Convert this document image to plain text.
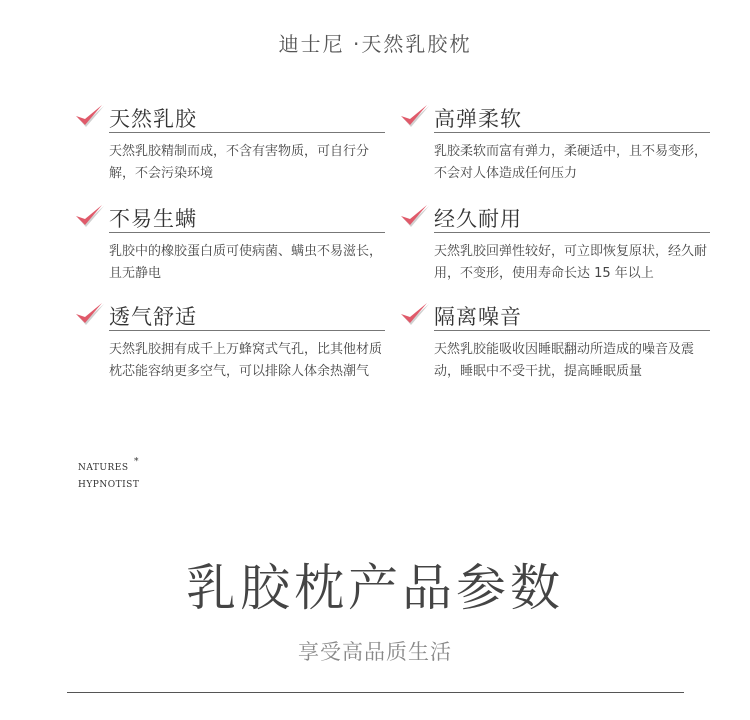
迪士尼 ·天然乳胶枕
天然乳胶
天然乳胶精制而成，不含有害物质，可自行分解，不会污染环境
高弹柔软
乳胶柔软而富有弹力，柔硬适中，且不易变形，不会对人体造成任何压力
不易生螨
乳胶中的橡胶蛋白质可使病菌、螨虫不易滋长，且无静电
经久耐用
天然乳胶回弹性较好，可立即恢复原状，经久耐用，不变形，使用寿命长达 15 年以上
透气舒适
天然乳胶拥有成千上万蜂窝式气孔，比其他材质枕芯能容纳更多空气，可以排除人体余热潮气
隔离噪音
天然乳胶能吸收因睡眠翻动所造成的噪音及震动，睡眠中不受干扰，提高睡眠质量
NATURES
HYPNOTIST
*
乳胶枕产品参数
享受高品质生活
